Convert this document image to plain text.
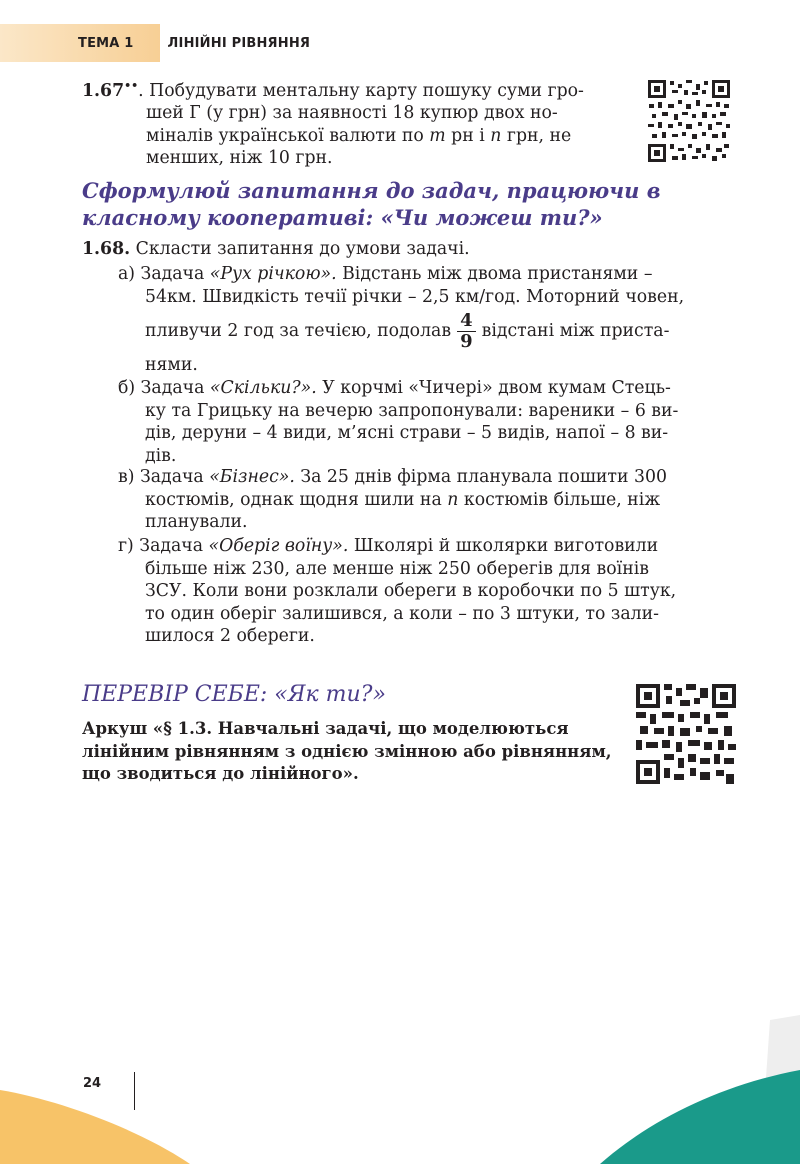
ТЕМА 1	ЛІНІЙНІ РІВНЯННЯ
1.67••. Побудувати ментальну карту пошуку суми гро-
шей Г (у грн) за наявності 18 купюр двох но-
міналів української валюти по m рн і n грн, не
менших, ніж 10 грн.
Сформулюй запитання до задач, працюючи в
класному кооперативі: «Чи можеш ти?»
1.68. Скласти запитання до умови задачі.
а) Задача «Рух річкою». Відстань між двома пристанями –
54км. Швидкість течії річки – 2,5 км/год. Моторний човен,
пливучи 2 год за течією, подолав $\frac{4}{9}$ відстані між приста-
нями.
б) Задача «Скільки?». У корчмі «Чичері» двом кумам Стець-
ку та Грицьку на вечерю запропонували: вареники – 6 ви-
дів, деруни – 4 види, м’ясні страви – 5 видів, напої – 8 ви-
дів.
в) Задача «Бізнес». За 25 днів фірма планувала пошити 300
костюмів, однак щодня шили на n костюмів більше, ніж
планували.
г) Задача «Оберіг воїну». Школярі й школярки виготовили
більше ніж 230, але менше ніж 250 оберегів для воїнів
ЗСУ. Коли вони розклали обереги в коробочки по 5 штук,
то один оберіг залишився, а коли – по 3 штуки, то зали-
шилося 2 обереги.
ПЕРЕВІР СЕБЕ: «Як ти?»
Аркуш «§ 1.3. Навчальні задачі, що моделюються
лінійним рівнянням з однією змінною або рівнянням,
що зводиться до лінійного».
24
